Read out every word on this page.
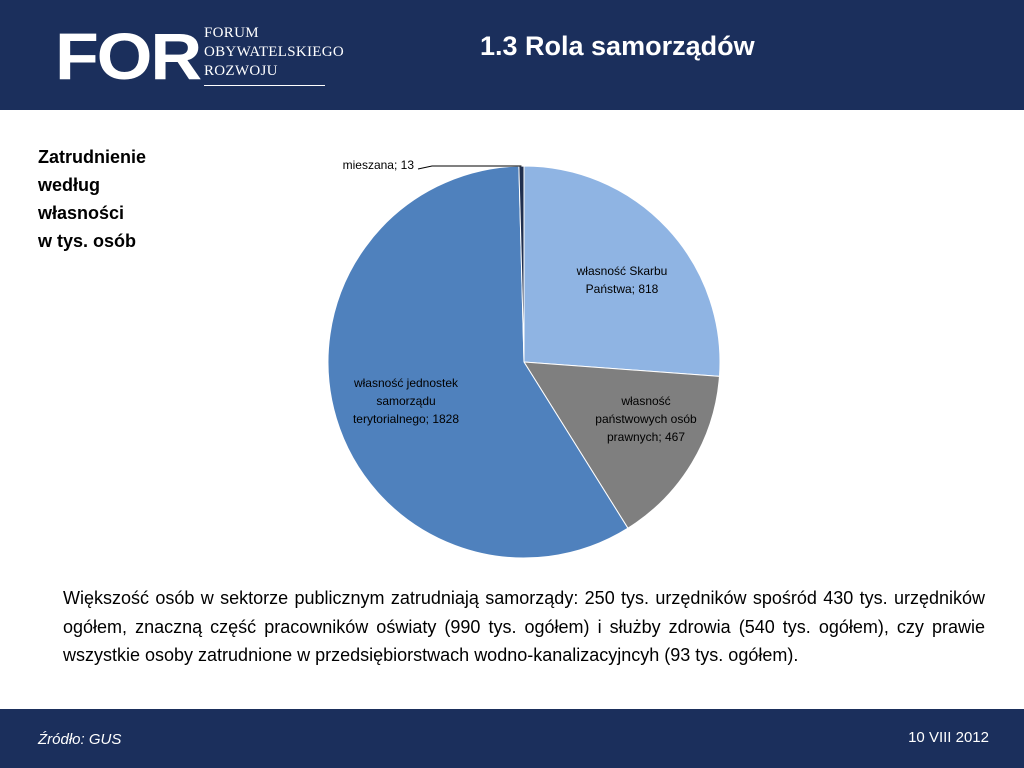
FOR FORUM
OBYWATELSKIEGO
ROZWOJU
1.3 Rola samorządów
Zatrudnienie
według
własności
w tys. osób
własność Skarbu Państwa; 818
własność państwowych osób prawnych; 467
własność jednostek samorządu terytorialnego; 1828
mieszana; 13
Większość osób w sektorze publicznym zatrudniają samorządy: 250 tys. urzędników spośród 430 tys. urzędników ogółem, znaczną część pracowników oświaty (990 tys. ogółem) i służby zdrowia (540 tys. ogółem), czy prawie wszystkie osoby zatrudnione w przedsiębiorstwach wodno-kanalizacyjncyh (93 tys. ogółem).
Źródło: GUS	10 VIII 2012
